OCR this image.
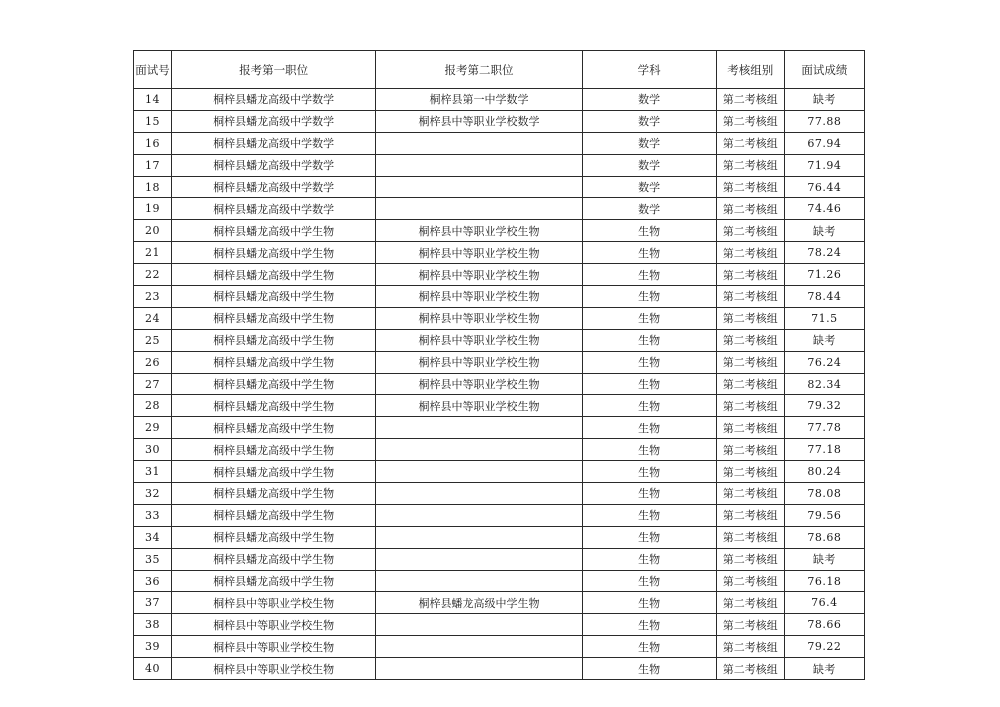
面试号	报考第一职位	报考第二职位	学科	考核组别	面试成绩
14	桐梓县蟠龙高级中学数学	桐梓县第一中学数学	数学	第二考核组	缺考
15	桐梓县蟠龙高级中学数学	桐梓县中等职业学校数学	数学	第二考核组	77.88
16	桐梓县蟠龙高级中学数学		数学	第二考核组	67.94
17	桐梓县蟠龙高级中学数学		数学	第二考核组	71.94
18	桐梓县蟠龙高级中学数学		数学	第二考核组	76.44
19	桐梓县蟠龙高级中学数学		数学	第二考核组	74.46
20	桐梓县蟠龙高级中学生物	桐梓县中等职业学校生物	生物	第二考核组	缺考
21	桐梓县蟠龙高级中学生物	桐梓县中等职业学校生物	生物	第二考核组	78.24
22	桐梓县蟠龙高级中学生物	桐梓县中等职业学校生物	生物	第二考核组	71.26
23	桐梓县蟠龙高级中学生物	桐梓县中等职业学校生物	生物	第二考核组	78.44
24	桐梓县蟠龙高级中学生物	桐梓县中等职业学校生物	生物	第二考核组	71.5
25	桐梓县蟠龙高级中学生物	桐梓县中等职业学校生物	生物	第二考核组	缺考
26	桐梓县蟠龙高级中学生物	桐梓县中等职业学校生物	生物	第二考核组	76.24
27	桐梓县蟠龙高级中学生物	桐梓县中等职业学校生物	生物	第二考核组	82.34
28	桐梓县蟠龙高级中学生物	桐梓县中等职业学校生物	生物	第二考核组	79.32
29	桐梓县蟠龙高级中学生物		生物	第二考核组	77.78
30	桐梓县蟠龙高级中学生物		生物	第二考核组	77.18
31	桐梓县蟠龙高级中学生物		生物	第二考核组	80.24
32	桐梓县蟠龙高级中学生物		生物	第二考核组	78.08
33	桐梓县蟠龙高级中学生物		生物	第二考核组	79.56
34	桐梓县蟠龙高级中学生物		生物	第二考核组	78.68
35	桐梓县蟠龙高级中学生物		生物	第二考核组	缺考
36	桐梓县蟠龙高级中学生物		生物	第二考核组	76.18
37	桐梓县中等职业学校生物	桐梓县蟠龙高级中学生物	生物	第二考核组	76.4
38	桐梓县中等职业学校生物		生物	第二考核组	78.66
39	桐梓县中等职业学校生物		生物	第二考核组	79.22
40	桐梓县中等职业学校生物		生物	第二考核组	缺考
